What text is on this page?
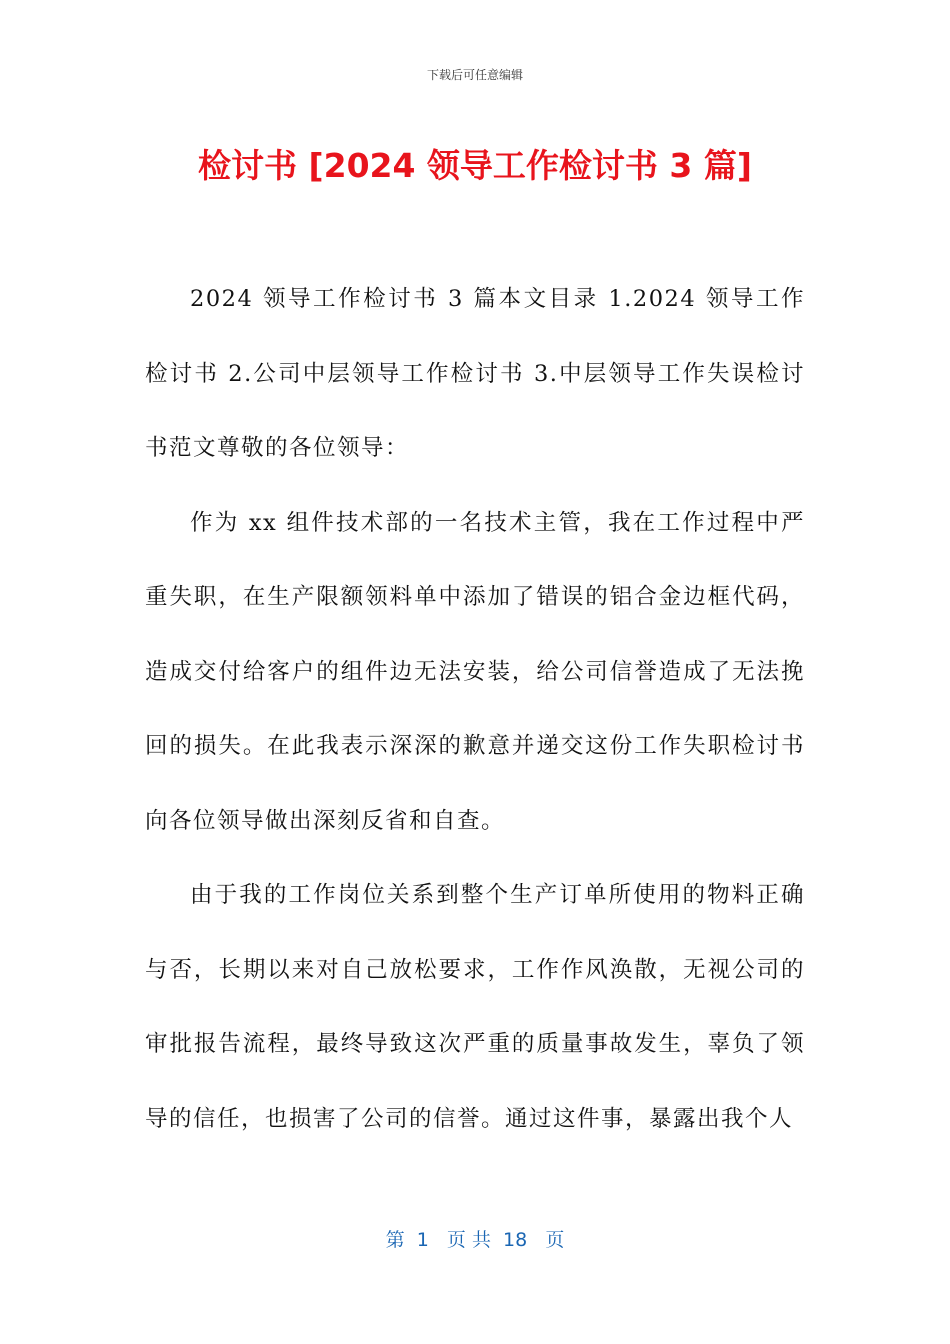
下载后可任意编辑
检讨书 [2024 领导工作检讨书 3 篇]

2024 领导工作检讨书 3 篇本文目录 1.2024 领导工作检讨书 2.公司中层领导工作检讨书 3.中层领导工作失误检讨书范文尊敬的各位领导：

作为 xx 组件技术部的一名技术主管，我在工作过程中严重失职，在生产限额领料单中添加了错误的铝合金边框代码，造成交付给客户的组件边无法安装，给公司信誉造成了无法挽回的损失。在此我表示深深的歉意并递交这份工作失职检讨书向各位领导做出深刻反省和自查。

由于我的工作岗位关系到整个生产订单所使用的物料正确与否，长期以来对自己放松要求，工作作风涣散，无视公司的审批报告流程，最终导致这次严重的质量事故发生，辜负了领导的信任，也损害了公司的信誉。通过这件事，暴露出我个人

第  1   页 共  18   页
